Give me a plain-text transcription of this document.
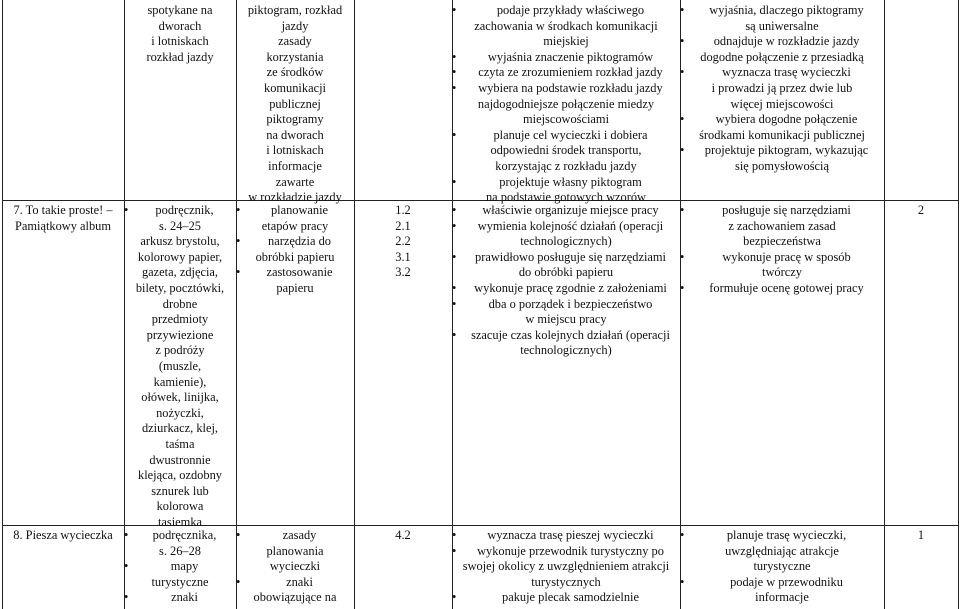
spotykane na
dworach
i lotniskach
rozkład jazdy
piktogram, rozkład
jazdy
zasady
korzystania
ze środków
komunikacji
publicznej
piktogramy
na dworach
i lotniskach
informacje
zawarte
w rozkładzie jazdy
• podaje przykłady właściwego
zachowania w środkach komunikacji
miejskiej
• wyjaśnia znaczenie piktogramów
• czyta ze zrozumieniem rozkład jazdy
• wybiera na podstawie rozkładu jazdy
najdogodniejsze połączenie miedzy
miejscowościami
• planuje cel wycieczki i dobiera
odpowiedni środek transportu,
korzystając z rozkładu jazdy
• projektuje własny piktogram
na podstawie gotowych wzorów
• wyjaśnia, dlaczego piktogramy
są uniwersalne
• odnajduje w rozkładzie jazdy
dogodne połączenie z przesiadką
• wyznacza trasę wycieczki
i prowadzi ją przez dwie lub
więcej miejscowości
• wybiera dogodne połączenie
środkami komunikacji publicznej
• projektuje piktogram, wykazując
się pomysłowością
7. To takie proste! –
Pamiątkowy album
• podręcznik,
s. 24–25
arkusz brystolu,
kolorowy papier,
gazeta, zdjęcia,
bilety, pocztówki,
drobne
przedmioty
przywiezione
z podróży
(muszle,
kamienie),
ołówek, linijka,
nożyczki,
dziurkacz, klej,
taśma
dwustronnie
klejąca, ozdobny
sznurek lub
kolorowa
tasiemka
• planowanie
etapów pracy
• narzędzia do
obróbki papieru
• zastosowanie
papieru
1.2
2.1
2.2
3.1
3.2
• właściwie organizuje miejsce pracy
• wymienia kolejność działań (operacji
technologicznych)
• prawidłowo posługuje się narzędziami
do obróbki papieru
• wykonuje pracę zgodnie z założeniami
• dba o porządek i bezpieczeństwo
w miejscu pracy
• szacuje czas kolejnych działań (operacji
technologicznych)
• posługuje się narzędziami
z zachowaniem zasad
bezpieczeństwa
• wykonuje pracę w sposób
twórczy
• formułuje ocenę gotowej pracy
2
8. Piesza wycieczka	• podręcznika,
s. 26–28
• mapy
turystyczne
• znaki
• zasady
planowania
wycieczki
• znaki
obowiązujące na
4.2	• wyznacza trasę pieszej wycieczki
• wykonuje przewodnik turystyczny po
swojej okolicy z uwzględnieniem atrakcji
turystycznych
• pakuje plecak samodzielnie
• planuje trasę wycieczki,
uwzględniając atrakcje
turystyczne
• podaje w przewodniku
informacje
1
